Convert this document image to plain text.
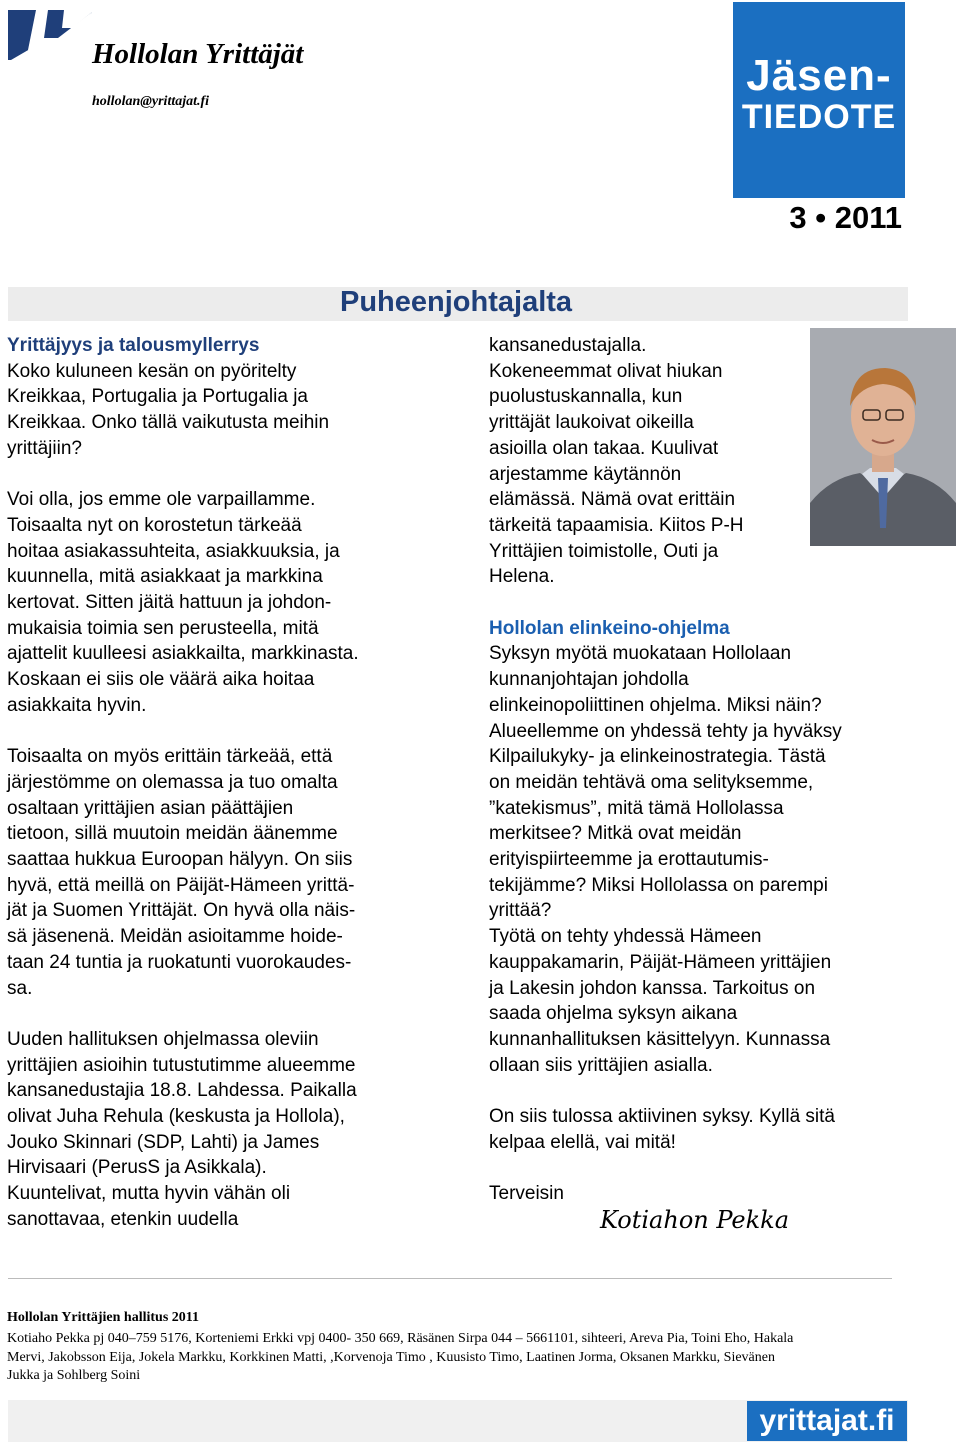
Hollolan Yrittäjät
hollolan@yrittajat.fi
Jäsen-
TIEDOTE
3 • 2011
Puheenjohtajalta

Yrittäjyys ja talousmyllerrys

Koko kuluneen kesän on pyöritelty

Kreikkaa, Portugalia ja Portugalia ja

Kreikkaa. Onko tällä vaikutusta meihin

yrittäjiin?

Voi olla, jos emme ole varpaillamme.

Toisaalta nyt on korostetun tärkeää

hoitaa asiakassuhteita, asiakkuuksia, ja

kuunnella, mitä asiakkaat ja markkina

kertovat. Sitten jäitä hattuun ja johdon-

mukaisia toimia sen perusteella, mitä

ajattelit kuulleesi asiakkailta, markkinasta.

Koskaan ei siis ole väärä aika hoitaa

asiakkaita hyvin.

Toisaalta on myös erittäin tärkeää, että

järjestömme on olemassa ja tuo omalta

osaltaan yrittäjien asian päättäjien

tietoon, sillä muutoin meidän äänemme

saattaa hukkua Euroopan hälyyn. On siis

hyvä, että meillä on Päijät-Hämeen yrittä-

jät ja Suomen Yrittäjät. On hyvä olla näis-

sä jäsenenä. Meidän asioitamme hoide-

taan 24 tuntia ja ruokatunti vuorokaudes-

sa.

Uuden hallituksen ohjelmassa oleviin

yrittäjien asioihin tutustutimme alueemme

kansanedustajia 18.8. Lahdessa. Paikalla

olivat Juha Rehula (keskusta ja Hollola),

Jouko Skinnari (SDP, Lahti) ja James

Hirvisaari (PerusS ja Asikkala).

Kuuntelivat, mutta hyvin vähän oli

sanottavaa, etenkin uudella

kansanedustajalla.

Kokeneemmat olivat hiukan

puolustuskannalla, kun

yrittäjät laukoivat oikeilla

asioilla olan takaa. Kuulivat

arjestamme käytännön

elämässä. Nämä ovat erittäin

tärkeitä tapaamisia. Kiitos P-H

Yrittäjien toimistolle, Outi ja

Helena.

Hollolan elinkeino-ohjelma

Syksyn myötä muokataan Hollolaan

kunnanjohtajan johdolla

elinkeinopoliittinen ohjelma. Miksi näin?

Alueellemme on yhdessä tehty ja hyväksy

Kilpailukyky- ja elinkeinostrategia. Tästä

on meidän tehtävä oma selityksemme,

”katekismus”, mitä tämä Hollolassa

merkitsee? Mitkä ovat meidän

erityispiirteemme ja erottautumis-

tekijämme? Miksi Hollolassa on parempi

yrittää?

Työtä on tehty yhdessä Hämeen

kauppakamarin, Päijät-Hämeen yrittäjien

ja Lakesin johdon kanssa. Tarkoitus on

saada ohjelma syksyn aikana

kunnanhallituksen käsittelyyn. Kunnassa

ollaan siis yrittäjien asialla.

On siis tulossa aktiivinen syksy. Kyllä sitä

kelpaa elellä, vai mitä!

Terveisin

Kotiahon Pekka
Hollolan Yrittäjien hallitus 2011
Kotiaho Pekka pj 040–759 5176, Korteniemi Erkki vpj 0400- 350 669, Räsänen Sirpa 044 – 5661101, sihteeri, Areva Pia, Toini Eho, Hakala
Mervi, Jakobsson Eija, Jokela Markku, Korkkinen Matti, ,Korvenoja Timo , Kuusisto Timo, Laatinen Jorma, Oksanen Markku, Sievänen
Jukka ja Sohlberg Soini
yrittajat.fi
